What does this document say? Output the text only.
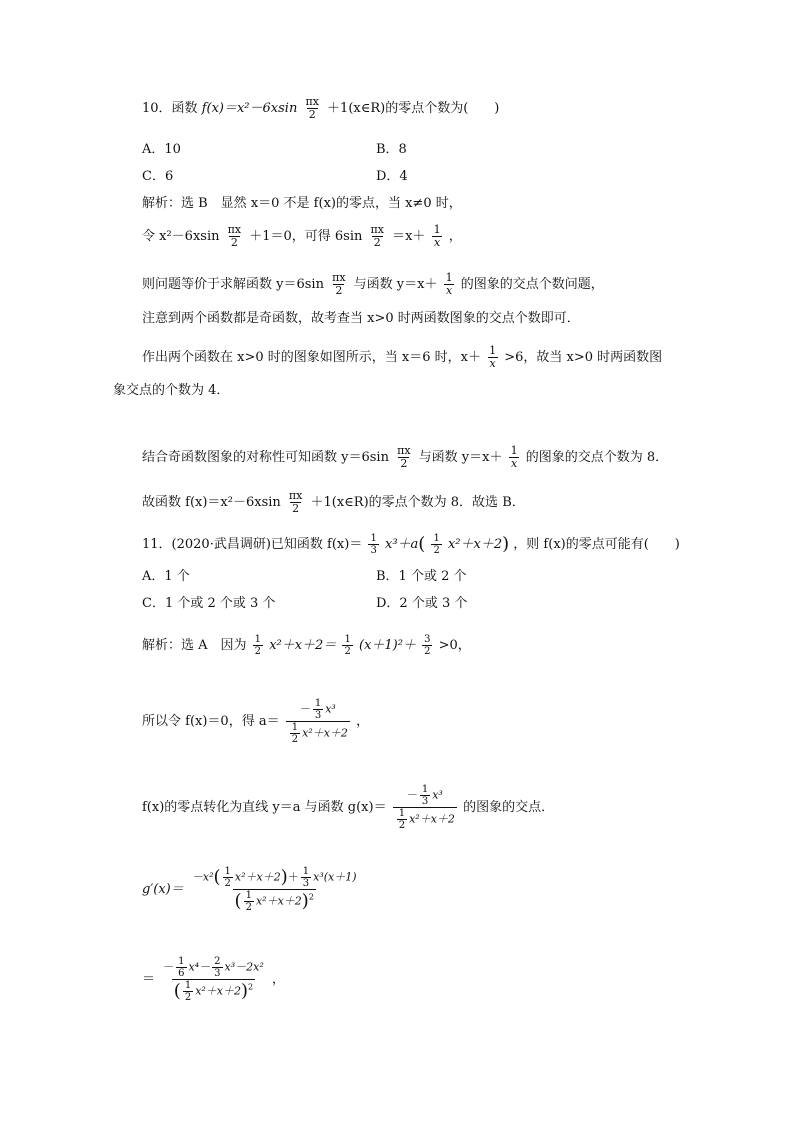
10．函数 $f(x)=x^2-6xsin \frac{\pi x}{2}$ ＋1(x∈R)的零点个数为(　　)
A．10	B．8
C．6	D．4
解析：选 B　显然 x＝0 不是 f(x)的零点，当 x≠0 时，
令 $x^2-6xsin \frac{\pi x}{2} +1=0$，可得 $6\sin \frac{\pi x}{2} =x+ \frac{1}{x}$ ，
则问题等价于求解函数 $y=6\sin \frac{\pi x}{2}$ 与函数 $y=x+ \frac{1}{x}$ 的图象的交点个数问题，
注意到两个函数都是奇函数，故考查当 x>0 时两函数图象的交点个数即可．
作出两个函数在 x>0 时的图象如图所示，当 x＝6 时，$x+ \frac{1}{x} >6$，故当 x>0 时两函数图
象交点的个数为 4．
结合奇函数图象的对称性可知函数 $y=6\sin \frac{\pi x}{2}$ 与函数 $y=x+ \frac{1}{x}$ 的图象的交点个数为 8．
故函数 $f(x)=x^2-6xsin \frac{\pi x}{2}$ ＋1(x∈R)的零点个数为 8．故选 B．
11．(2020·武昌调研)已知函数 $f(x)= \frac{1}{3} x^3+a( \frac{1}{2} x^2+x+2)$ ，则 f(x)的零点可能有(　　)
A．1 个	B．1 个或 2 个
C．1 个或 2 个或 3 个	D．2 个或 3 个
解析：选 A　因为 $\frac{1}{2} x^2+x+2= \frac{1}{2} (x+1)^2+ \frac{3}{2} >0$，
所以令 f(x)＝0，得 $a= \frac{- \frac{1}{3} x^3}{\frac{1}{2} x^2+x+2}$ ，
f(x)的零点转化为直线 y＝a 与函数 $g(x)= \frac{- \frac{1}{3} x^3}{\frac{1}{2} x^2+x+2}$ 的图象的交点．
$g'(x)= \frac{-x^2( \frac{1}{2} x^2+x+2)+ \frac{1}{3} x^3(x+1)}{( \frac{1}{2} x^2+x+2)^2}$
＝ $\frac{- \frac{1}{6} x^4- \frac{2}{3} x^3-2x^2}{( \frac{1}{2} x^2+x+2)^2}$ ，
